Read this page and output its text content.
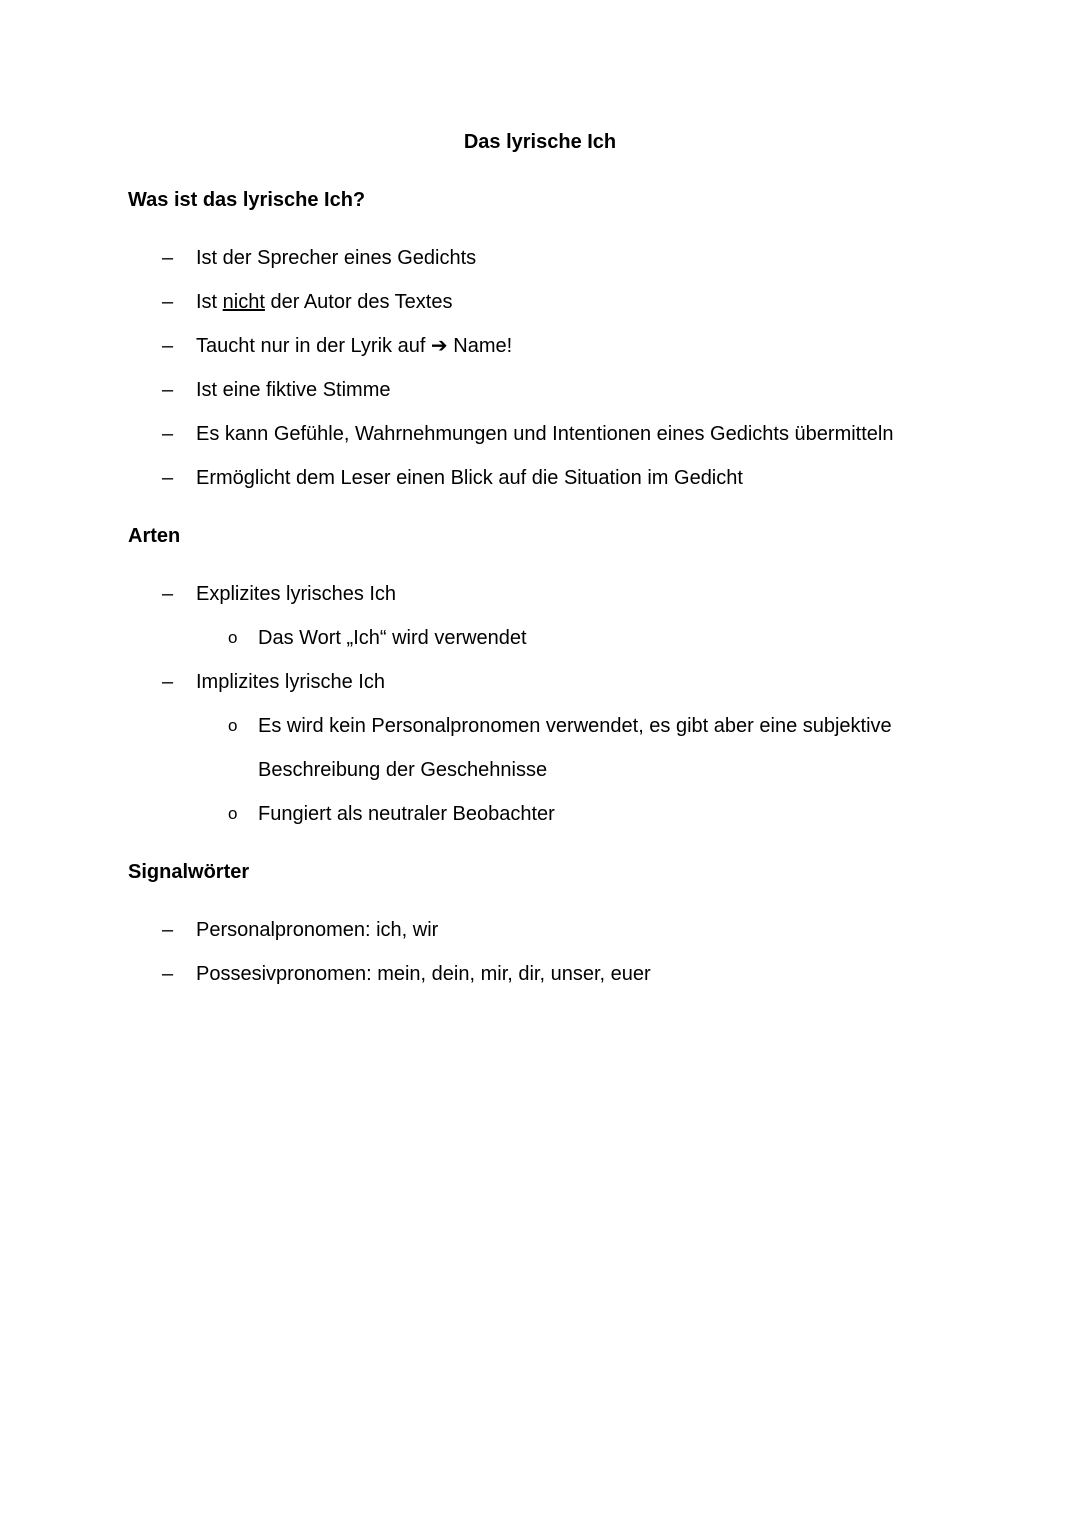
Das lyrische Ich
Was ist das lyrische Ich?
–	Ist der Sprecher eines Gedichts
–	Ist nicht der Autor des Textes
–	Taucht nur in der Lyrik auf ➔ Name!
–	Ist eine fiktive Stimme
–	Es kann Gefühle, Wahrnehmungen und Intentionen eines Gedichts übermitteln
–	Ermöglicht dem Leser einen Blick auf die Situation im Gedicht
Arten
–	Explizites lyrisches Ich
o	Das Wort „Ich“ wird verwendet
–	Implizites lyrische Ich
o	Es wird kein Personalpronomen verwendet, es gibt aber eine subjektive Beschreibung der Geschehnisse
o	Fungiert als neutraler Beobachter
Signalwörter
–	Personalpronomen: ich, wir
–	Possesivpronomen: mein, dein, mir, dir, unser, euer
